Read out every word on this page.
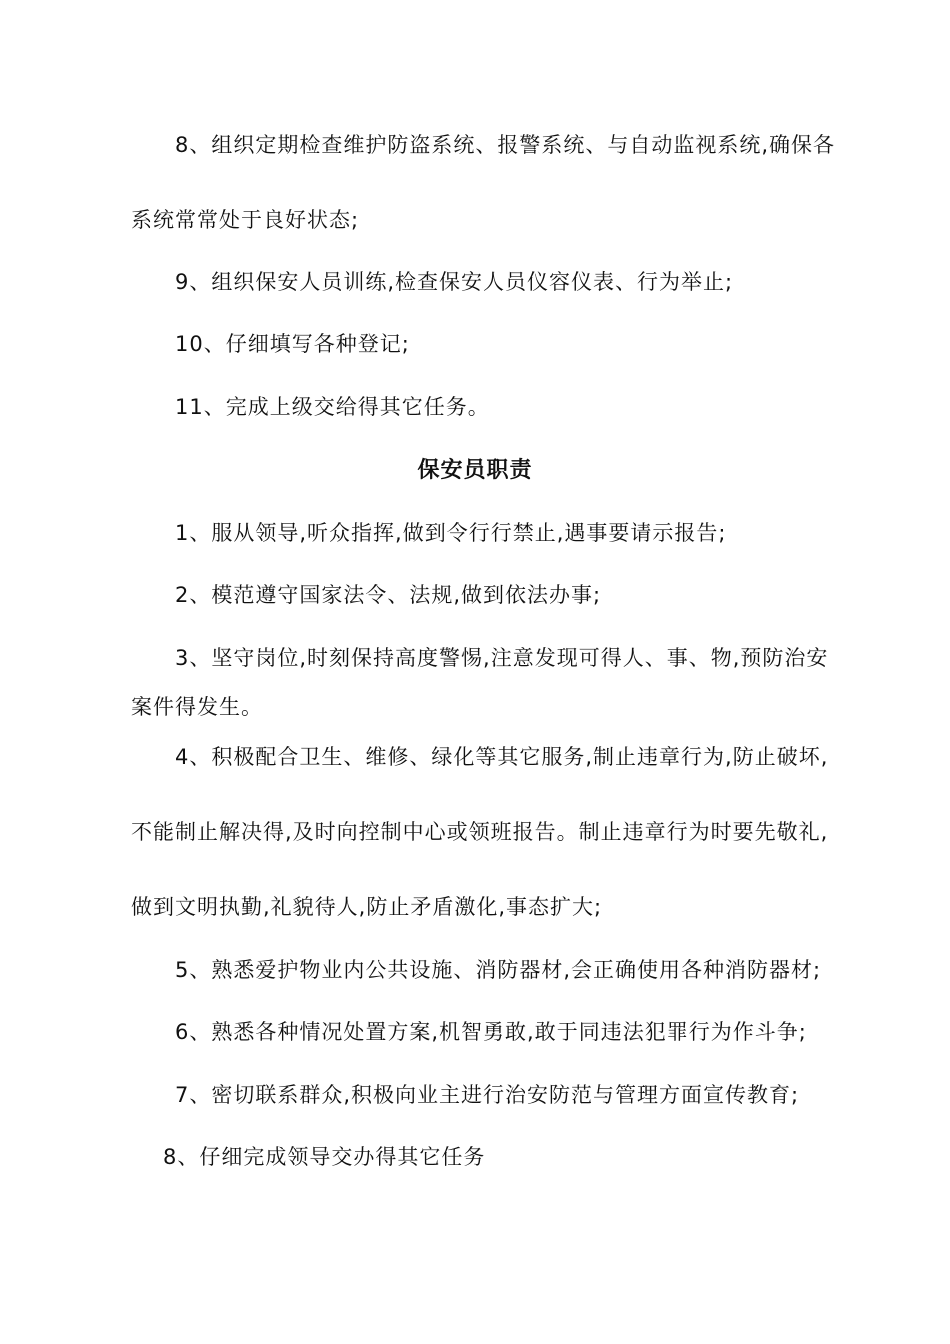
8、组织定期检查维护防盗系统、报警系统、与自动监视系统,确保各
系统常常处于良好状态;
9、组织保安人员训练,检查保安人员仪容仪表、行为举止;
10、仔细填写各种登记;
11、完成上级交给得其它任务。
保安员职责
1、服从领导,听众指挥,做到令行行禁止,遇事要请示报告;
2、模范遵守国家法令、法规,做到依法办事;
3、坚守岗位,时刻保持高度警惕,注意发现可得人、事、物,预防治安
案件得发生。
4、积极配合卫生、维修、绿化等其它服务,制止违章行为,防止破坏,
不能制止解决得,及时向控制中心或领班报告。制止违章行为时要先敬礼,
做到文明执勤,礼貌待人,防止矛盾激化,事态扩大;
5、熟悉爱护物业内公共设施、消防器材,会正确使用各种消防器材;
6、熟悉各种情况处置方案,机智勇敢,敢于同违法犯罪行为作斗争;
7、密切联系群众,积极向业主进行治安防范与管理方面宣传教育;
8、仔细完成领导交办得其它任务
